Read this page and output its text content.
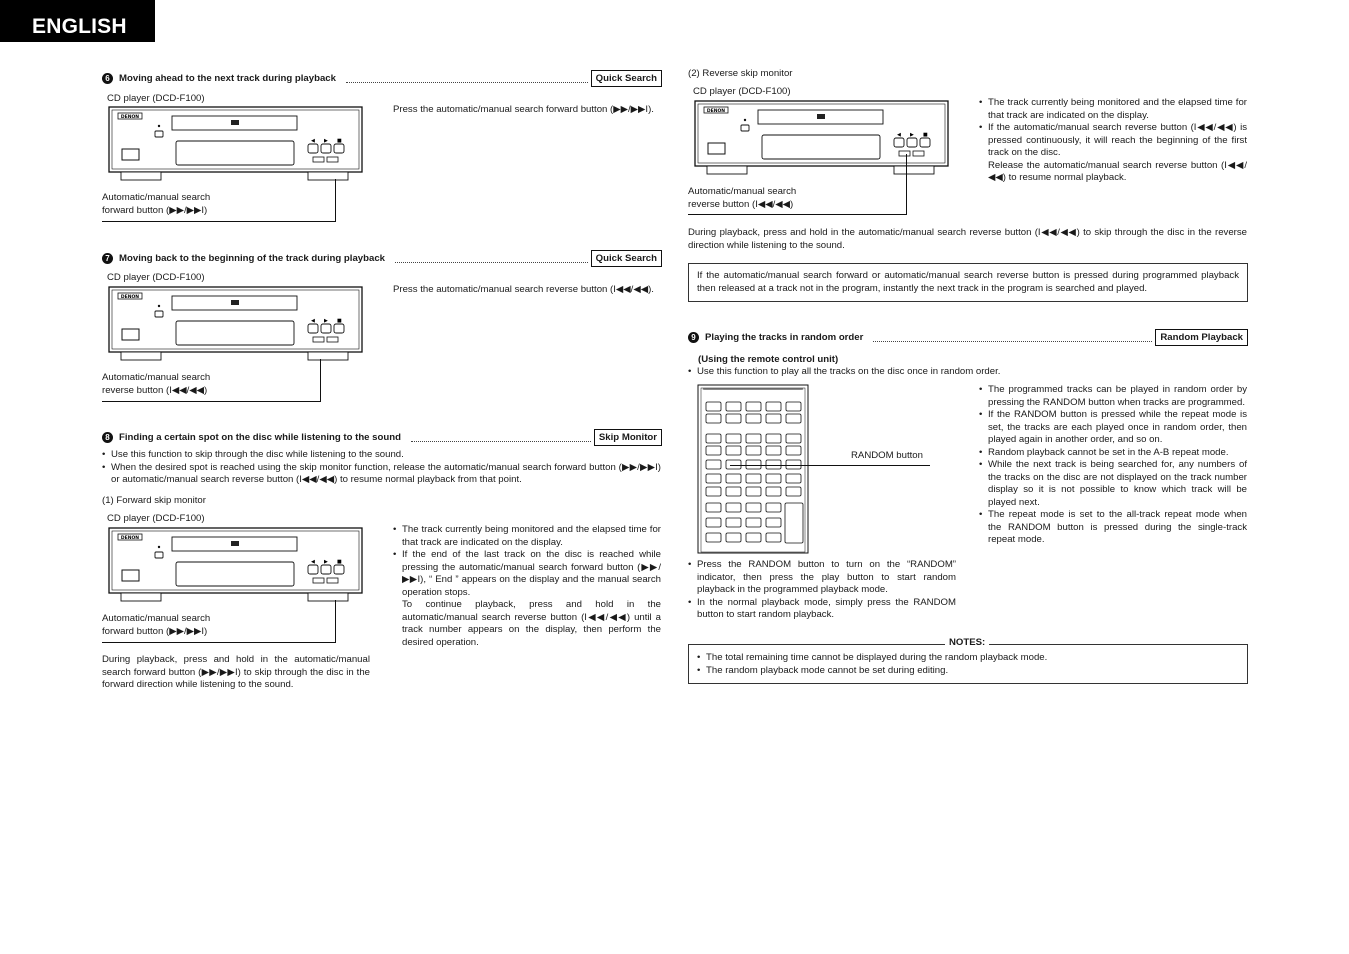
ENGLISH
6 Moving ahead to the next track during playback	Quick Search
CD player (DCD-F100)
DENON
◀ ▶ ■
Press the automatic/manual search forward button (▶▶/▶▶I).
Automatic/manual search
forward button (▶▶/▶▶I)
7 Moving back to the beginning of the track during playback	Quick Search
CD player (DCD-F100)
DENON
◀ ▶ ■
Press the automatic/manual search reverse button (I◀◀/◀◀).
Automatic/manual search
reverse button (I◀◀/◀◀)
8 Finding a certain spot on the disc while listening to the sound	Skip Monitor
• Use this function to skip through the disc while listening to the sound.
• When the desired spot is reached using the skip monitor function, release the automatic/manual search forward button (▶▶/▶▶I) or automatic/manual search reverse button (I◀◀/◀◀) to resume normal playback from that point.
(1) Forward skip monitor
CD player (DCD-F100)
DENON
◀ ▶ ■
• The track currently being monitored and the elapsed time for that track are indicated on the display.
• If the end of the last track on the disc is reached while pressing the automatic/manual search forward button (▶▶/▶▶I), “ End ” appears on the display and the manual search operation stops.
To continue playback, press and hold in the automatic/manual search reverse button (I◀◀/◀◀) until a track number appears on the display, then perform the desired operation.
Automatic/manual search
forward button (▶▶/▶▶I)
During playback, press and hold in the automatic/manual search forward button (▶▶/▶▶I) to skip through the disc in the forward direction while listening to the sound.
(2) Reverse skip monitor
CD player (DCD-F100)
DENON
◀ ▶ ■
• The track currently being monitored and the elapsed time for that track are indicated on the display.
• If the automatic/manual search reverse button (I◀◀/◀◀) is pressed continuously, it will reach the beginning of the first track on the disc.
Release the automatic/manual search reverse button (I◀◀/◀◀) to resume normal playback.
Automatic/manual search
reverse button (I◀◀/◀◀)
During playback, press and hold in the automatic/manual search reverse button (I◀◀/◀◀) to skip through the disc in the reverse direction while listening to the sound.
If the automatic/manual search forward or automatic/manual search reverse button is pressed during programmed playback then released at a track not in the program, instantly the next track in the program is searched and played.
9 Playing the tracks in random order	Random Playback
(Using the remote control unit)
• Use this function to play all the tracks on the disc once in random order.
RANDOM button
• Press the RANDOM button to turn on the “RANDOM” indicator, then press the play button to start random playback in the programmed playback mode.
• In the normal playback mode, simply press the RANDOM button to start random playback.
• The programmed tracks can be played in random order by pressing the RANDOM button when tracks are programmed.
• If the RANDOM button is pressed while the repeat mode is set, the tracks are each played once in random order, then played again in another order, and so on.
• Random playback cannot be set in the A-B repeat mode.
• While the next track is being searched for, any numbers of the tracks on the disc are not displayed on the track number display so it is not possible to know which track will be played next.
• The repeat mode is set to the all-track repeat mode when the RANDOM button is pressed during the single-track repeat mode.
• The total remaining time cannot be displayed during the random playback mode.
• The random playback mode cannot be set during editing.
NOTES:
